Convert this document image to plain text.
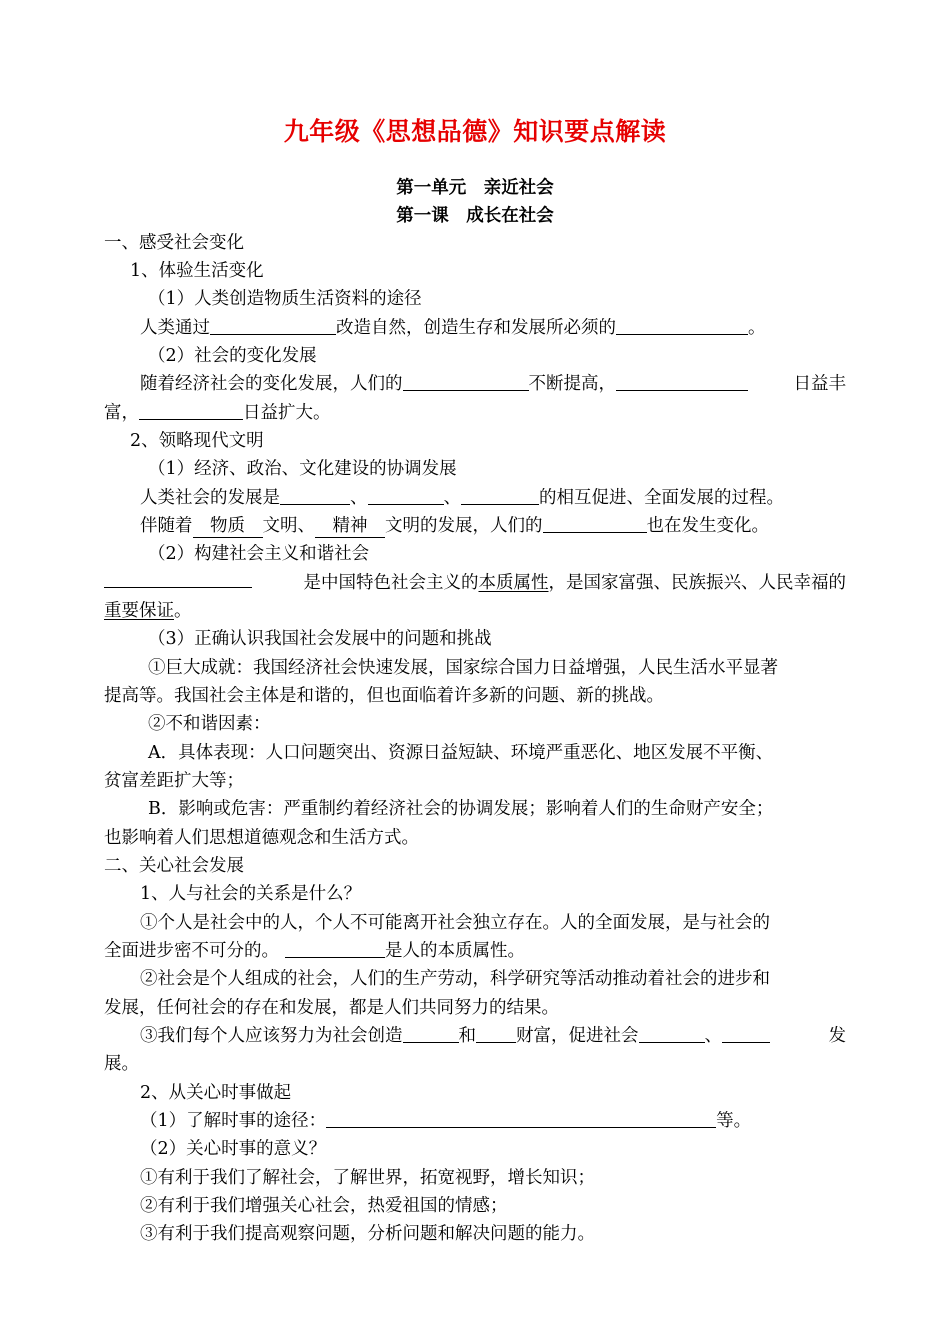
九年级《思想品德》知识要点解读
第一单元　亲近社会
第一课　成长在社会
一、感受社会变化
1、体验生活变化
（1）人类创造物质生活资料的途径
人类通过	改造自然，创造生存和发展所必须的	。
（2）社会的变化发展
随着经济社会的变化发展，人们的	不断提高，	日益丰
富，	日益扩大。
2、领略现代文明
（1）经济、政治、文化建设的协调发展
人类社会的发展是	、	、	的相互促进、全面发展的过程。
伴随着 物质 文明、 精神 文明的发展，人们的	也在发生变化。
（2）构建社会主义和谐社会
是中国特色社会主义的本质属性，是国家富强、民族振兴、人民幸福的
重要保证。
（3）正确认识我国社会发展中的问题和挑战
①巨大成就：我国经济社会快速发展，国家综合国力日益增强，人民生活水平显著
提高等。我国社会主体是和谐的，但也面临着许多新的问题、新的挑战。
②不和谐因素：
A．具体表现：人口问题突出、资源日益短缺、环境严重恶化、地区发展不平衡、
贫富差距扩大等；
B．影响或危害：严重制约着经济社会的协调发展；影响着人们的生命财产安全；
也影响着人们思想道德观念和生活方式。
二、关心社会发展
1、人与社会的关系是什么？
①个人是社会中的人，个人不可能离开社会独立存在。人的全面发展，是与社会的
全面进步密不可分的。	是人的本质属性。
②社会是个人组成的社会，人们的生产劳动，科学研究等活动推动着社会的进步和
发展，任何社会的存在和发展，都是人们共同努力的结果。
③我们每个人应该努力为社会创造	和 财富，促进社会	、	发
展。
2、从关心时事做起
（1）了解时事的途径：	等。
（2）关心时事的意义？
①有利于我们了解社会，了解世界，拓宽视野，增长知识；
②有利于我们增强关心社会，热爱祖国的情感；
③有利于我们提高观察问题，分析问题和解决问题的能力。
